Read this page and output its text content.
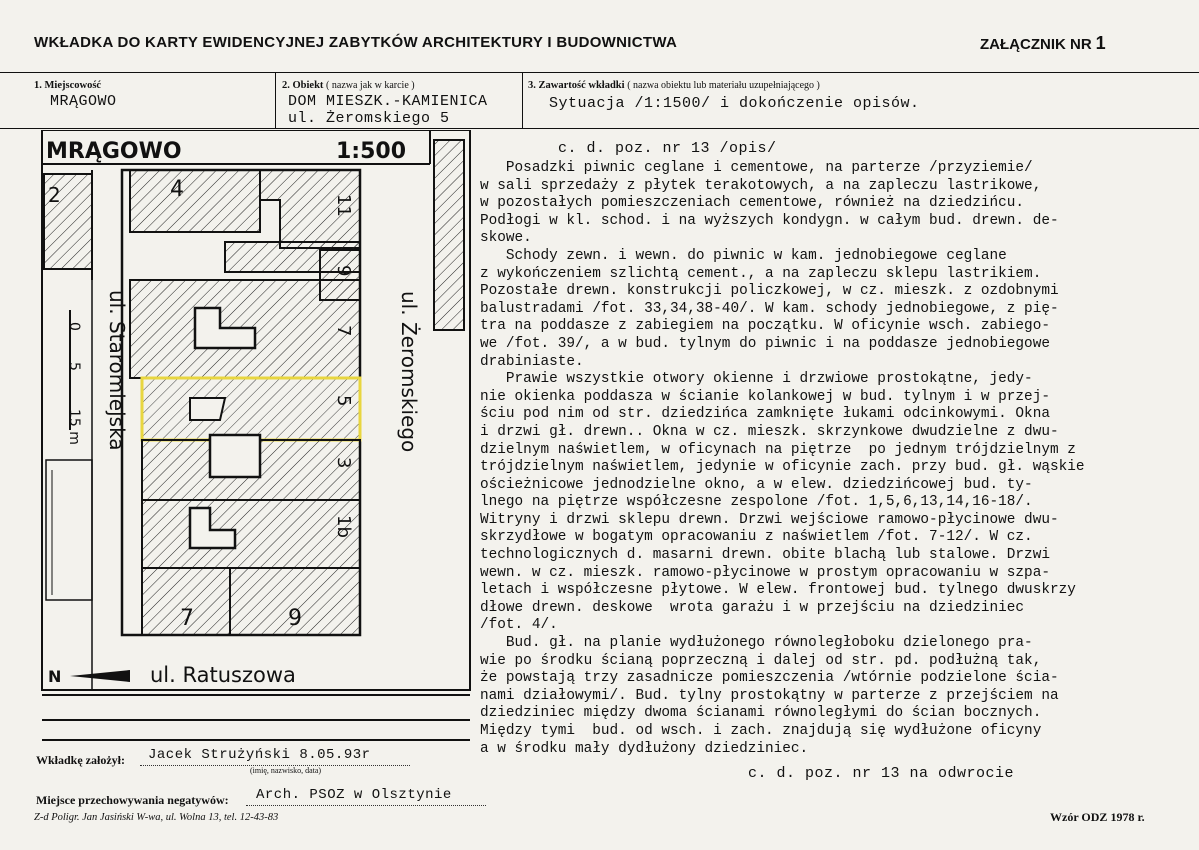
WKŁADKA DO KARTY EWIDENCYJNEJ ZABYTKÓW ARCHITEKTURY I BUDOWNICTWA	ZAŁĄCZNIK NR 1
1. Miejscowość
MRĄGOWO
2. Obiekt ( nazwa jak w karcie )
DOM MIESZK.-KAMIENICA
ul. Żeromskiego 5
3. Zawartość wkładki ( nazwa obiektu lub materiału uzupełniającego )
Sytuacja /1:1500/ i dokończenie opisów.
MRĄGOWO	1:500
2	4
11
9
7
5
3
1b
7	9
0
5
15 m ul. Staromiejska	ul. Żeromskiego
ul. Ratuszowa
N
c. d. poz. nr 13 /opis/
Posadzki piwnic ceglane i cementowe, na parterze /przyziemie/
w sali sprzedaży z płytek terakotowych, a na zapleczu lastrikowe,
w pozostałych pomieszczeniach cementowe, również na dziedzińcu.
Podłogi w kl. schod. i na wyższych kondygn. w całym bud. drewn. de-
skowe.
Schody zewn. i wewn. do piwnic w kam. jednobiegowe ceglane
z wykończeniem szlichtą cement., a na zapleczu sklepu lastrikiem.
Pozostałe drewn. konstrukcji policzkowej, w cz. mieszk. z ozdobnymi
balustradami /fot. 33,34,38-40/. W kam. schody jednobiegowe, z pię-
tra na poddasze z zabiegiem na początku. W oficynie wsch. zabiego-
we /fot. 39/, a w bud. tylnym do piwnic i na poddasze jednobiegowe
drabiniaste.
Prawie wszystkie otwory okienne i drzwiowe prostokątne, jedy-
nie okienka poddasza w ścianie kolankowej w bud. tylnym i w przej-
ściu pod nim od str. dziedzińca zamknięte łukami odcinkowymi. Okna
i drzwi gł. drewn.. Okna w cz. mieszk. skrzynkowe dwudzielne z dwu-
dzielnym naświetlem, w oficynach na piętrze  po jednym trójdzielnym z
trójdzielnym naświetlem, jedynie w oficynie zach. przy bud. gł. wąskie
ościeżnicowe jednodzielne okno, a w elew. dziedzińcowej bud. ty-
lnego na piętrze współczesne zespolone /fot. 1,5,6,13,14,16-18/.
Witryny i drzwi sklepu drewn. Drzwi wejściowe ramowo-płycinowe dwu-
skrzydłowe w bogatym opracowaniu z naświetlem /fot. 7-12/. W cz.
technologicznych d. masarni drewn. obite blachą lub stalowe. Drzwi
wewn. w cz. mieszk. ramowo-płycinowe w prostym opracowaniu w szpa-
letach i współczesne płytowe. W elew. frontowej bud. tylnego dwuskrzy
dłowe drewn. deskowe  wrota garażu i w przejściu na dziedziniec
/fot. 4/.
Bud. gł. na planie wydłużonego równoległoboku dzielonego pra-
wie po środku ścianą poprzeczną i dalej od str. pd. podłużną tak,
że powstają trzy zasadnicze pomieszczenia /wtórnie podzielone ściа-
nami działowymi/. Bud. tylny prostokątny w parterze z przejściem na
dziedziniec między dwoma ścianami równoległymi do ścian bocznych.
Między tymi  bud. od wsch. i zach. znajdują się wydłużone oficyny
a w środku mały dydłużony dziedziniec.
c. d. poz. nr 13 na odwrocie
Wkładkę założył: Jacek Strużyński 8.05.93r
(imię, nazwisko, data)
Miejsce przechowywania negatywów: Arch. PSOZ w Olsztynie
Z-d Poligr. Jan Jasiński W-wa, ul. Wolna 13, tel. 12-43-83	Wzór ODZ 1978 r.
